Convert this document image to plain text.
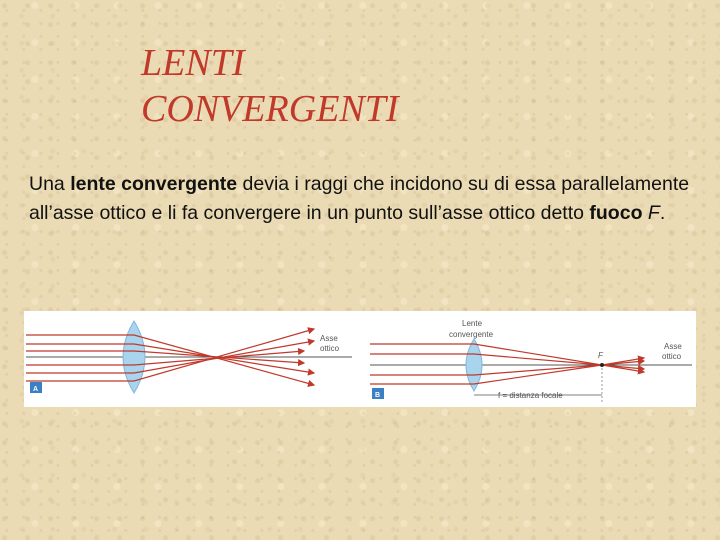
LENTI
CONVERGENTI
Una lente convergente devia i raggi che incidono su di essa parallelamente all’asse ottico e li fa convergere in un punto sull’asse ottico detto fuoco F.
Asse
ottico
A
Lente
convergente
F
Asse
ottico
f = distanza focale
B
